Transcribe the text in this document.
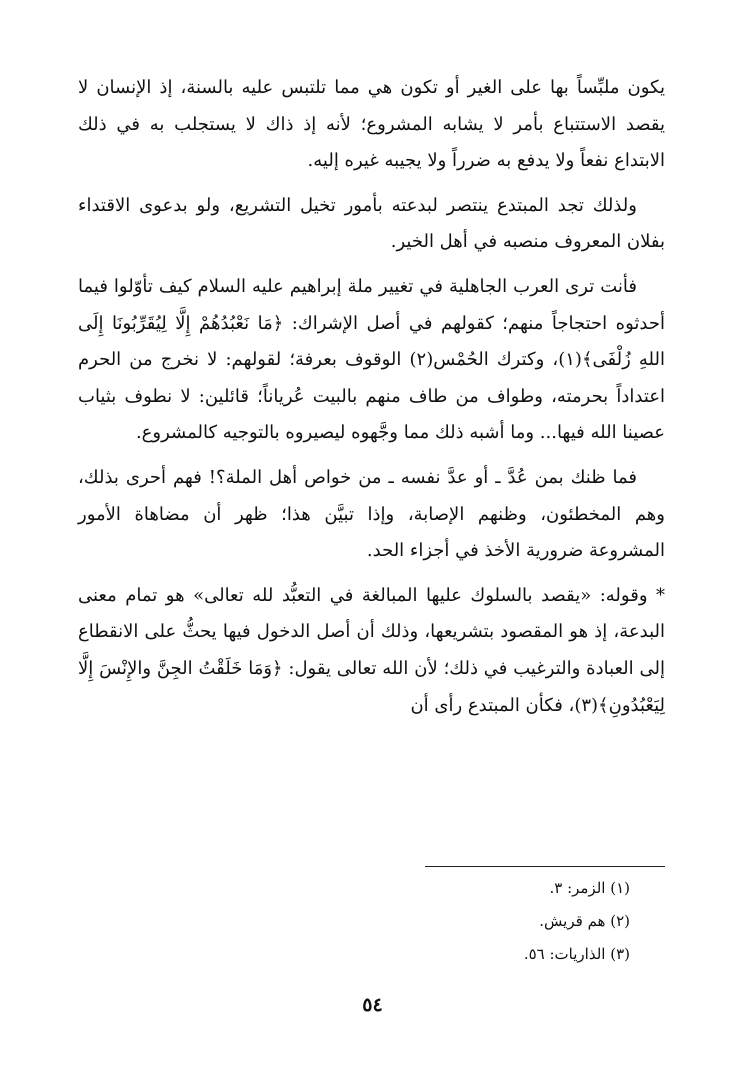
يكون ملبِّساً بها على الغير أو تكون هي مما تلتبس عليه بالسنة، إذ الإنسان لا يقصد الاستتباع بأمر لا يشابه المشروع؛ لأنه إذ ذاك لا يستجلب به في ذلك الابتداع نفعاً ولا يدفع به ضرراً ولا يجيبه غيره إليه.

ولذلك تجد المبتدع ينتصر لبدعته بأمور تخيل التشريع، ولو بدعوى الاقتداء بفلان المعروف منصبه في أهل الخير.

فأنت ترى العرب الجاهلية في تغيير ملة إبراهيم عليه السلام كيف تأوّلوا فيما أحدثوه احتجاجاً منهم؛ كقولهم في أصل الإشراك: ﴿مَا نَعْبُدُهُمْ إِلَّا لِيُقَرِّبُونَا إِلَى اللهِ زُلْفَى﴾(١)، وكترك الحُمْس(٢) الوقوف بعرفة؛ لقولهم: لا نخرج من الحرم اعتداداً بحرمته، وطواف من طاف منهم بالبيت عُرياناً؛ قائلين: لا نطوف بثياب عصينا الله فيها... وما أشبه ذلك مما وجَّهوه ليصيروه بالتوجيه كالمشروع.

فما ظنك بمن عُدَّ ـ أو عدَّ نفسه ـ من خواص أهل الملة؟! فهم أحرى بذلك، وهم المخطئون، وظنهم الإصابة، وإذا تبيَّن هذا؛ ظهر أن مضاهاة الأمور المشروعة ضرورية الأخذ في أجزاء الحد.

* وقوله: «يقصد بالسلوك عليها المبالغة في التعبُّد لله تعالى» هو تمام معنى البدعة، إذ هو المقصود بتشريعها، وذلك أن أصل الدخول فيها يحثُّ على الانقطاع إلى العبادة والترغيب في ذلك؛ لأن الله تعالى يقول: ﴿وَمَا خَلَقْتُ الجِنَّ والإِنْسَ إِلَّا لِيَعْبُدُونِ﴾(٣)، فكأن المبتدع رأى أن

(١) الزمر: ٣.
(٢) هم قريش.
(٣) الذاريات: ٥٦.
٥٤
